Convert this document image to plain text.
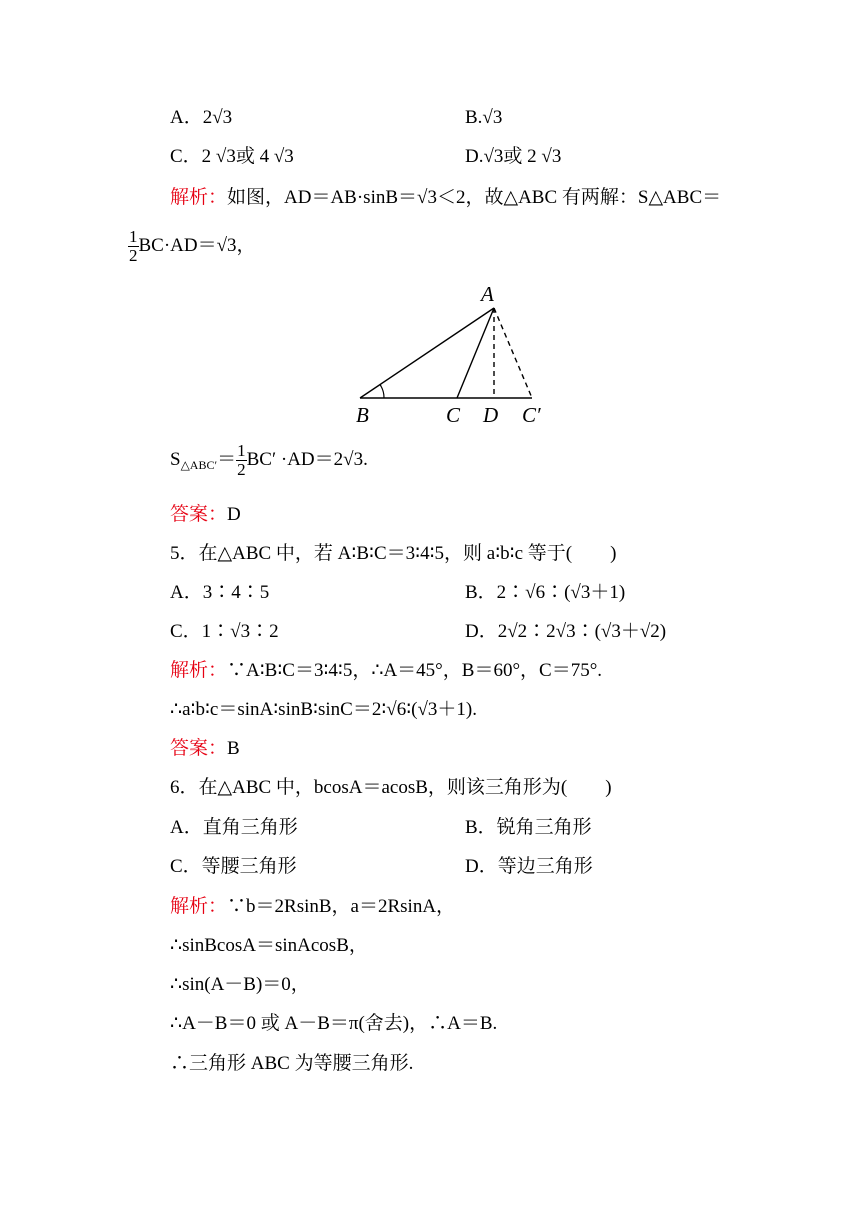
A．2√3	B.√3
C．2 √3或 4 √3	D.√3或 2 √3
解析：如图，AD＝AB·sinB＝√3＜2，故△ABC 有两解：S△ABC＝
$\frac{1}{2} BC\cdot AD=√3$，
A
B	C D C′
$S_{\triangle ABC'}= \frac{1}{2} BC' \cdot AD=2√3$.
答案：D
5．在△ABC 中，若 A∶B∶C＝3∶4∶5，则 a∶b∶c 等于(　　)
A．3∶4∶5	B．2∶√6∶(√3＋1)
C．1∶√3∶2	D．2√2∶2√3∶(√3＋√2)
解析：∵A∶B∶C＝3∶4∶5，∴A＝45°，B＝60°，C＝75°.
∴a∶b∶c＝sinA∶sinB∶sinC＝2∶√6∶(√3＋1).
答案：B
6．在△ABC 中，bcosA＝acosB，则该三角形为(　　)
A．直角三角形	B．锐角三角形
C．等腰三角形	D．等边三角形
解析：∵b＝2RsinB，a＝2RsinA，
∴sinBcosA＝sinAcosB，
∴sin(A－B)＝0，
∴A－B＝0 或 A－B＝π(舍去)，∴A＝B.
∴三角形 ABC 为等腰三角形.
